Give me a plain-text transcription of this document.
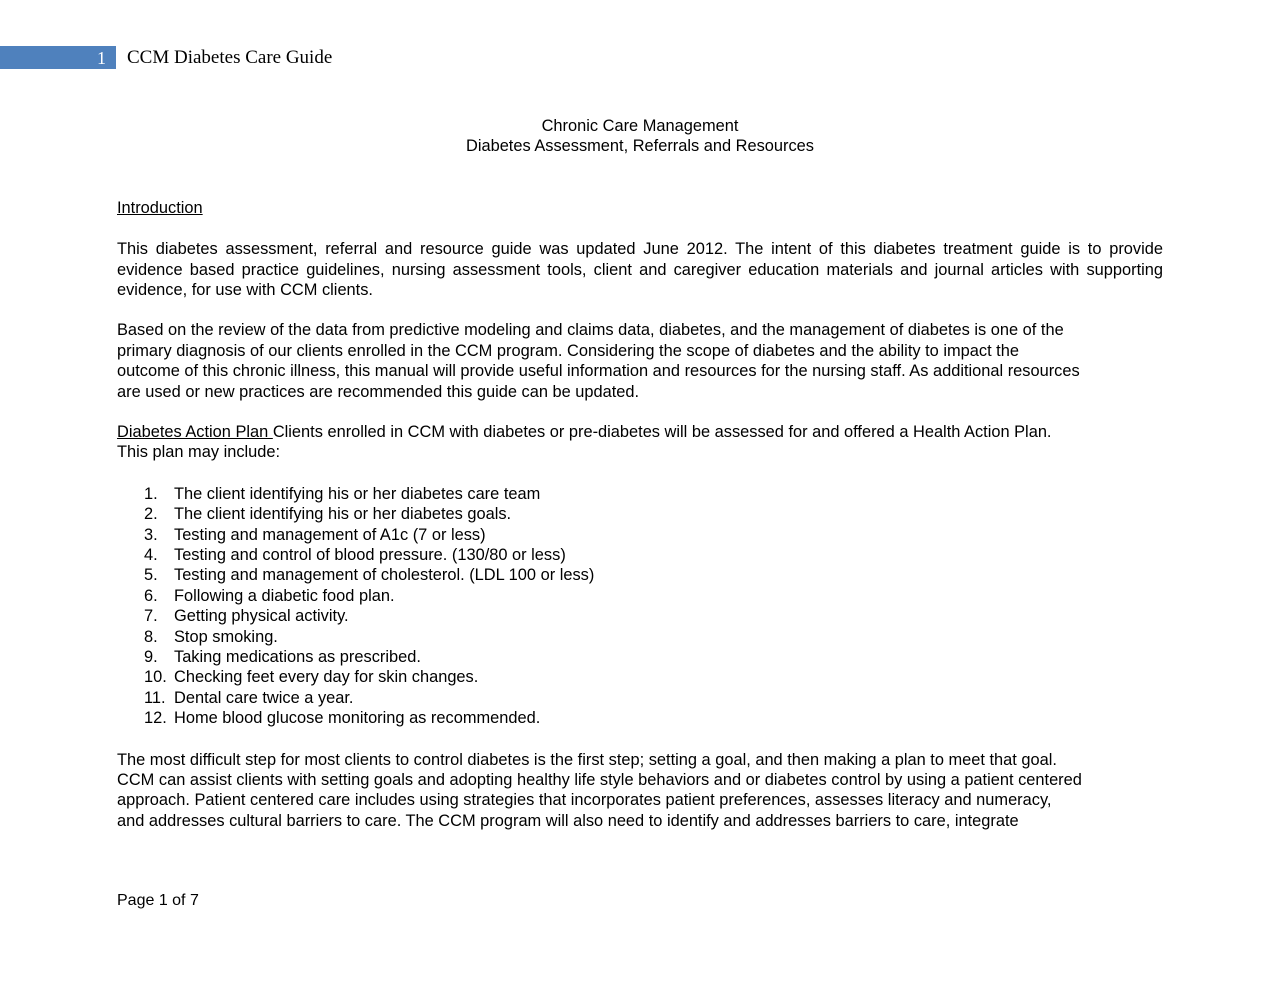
1 CCM Diabetes Care Guide

Chronic Care Management

Diabetes Assessment, Referrals and Resources

Introduction

This diabetes assessment, referral and resource guide was updated June 2012. The intent of this diabetes treatment guide is to provide evidence based practice guidelines, nursing assessment tools, client and caregiver education materials and journal articles with supporting evidence, for use with CCM clients.

Based on the review of the data from predictive modeling and claims data, diabetes, and the management of diabetes is one of the
primary diagnosis of our clients enrolled in the CCM program. Considering the scope of diabetes and the ability to impact the
outcome of this chronic illness, this manual will provide useful information and resources for the nursing staff. As additional resources
are used or new practices are recommended this guide can be updated.
Diabetes Action Plan Clients enrolled in CCM with diabetes or pre-diabetes will be assessed for and offered a Health Action Plan.
This plan may include:
1. The client identifying his or her diabetes care team
2. The client identifying his or her diabetes goals.
3. Testing and management of A1c (7 or less)
4. Testing and control of blood pressure. (130/80 or less)
5. Testing and management of cholesterol. (LDL 100 or less)
6. Following a diabetic food plan.
7. Getting physical activity.
8. Stop smoking.
9. Taking medications as prescribed.
10. Checking feet every day for skin changes.
11. Dental care twice a year.
12. Home blood glucose monitoring as recommended.
The most difficult step for most clients to control diabetes is the first step; setting a goal, and then making a plan to meet that goal.
CCM can assist clients with setting goals and adopting healthy life style behaviors and or diabetes control by using a patient centered
approach. Patient centered care includes using strategies that incorporates patient preferences, assesses literacy and numeracy,
and addresses cultural barriers to care. The CCM program will also need to identify and addresses barriers to care, integrate
Page 1 of 7
